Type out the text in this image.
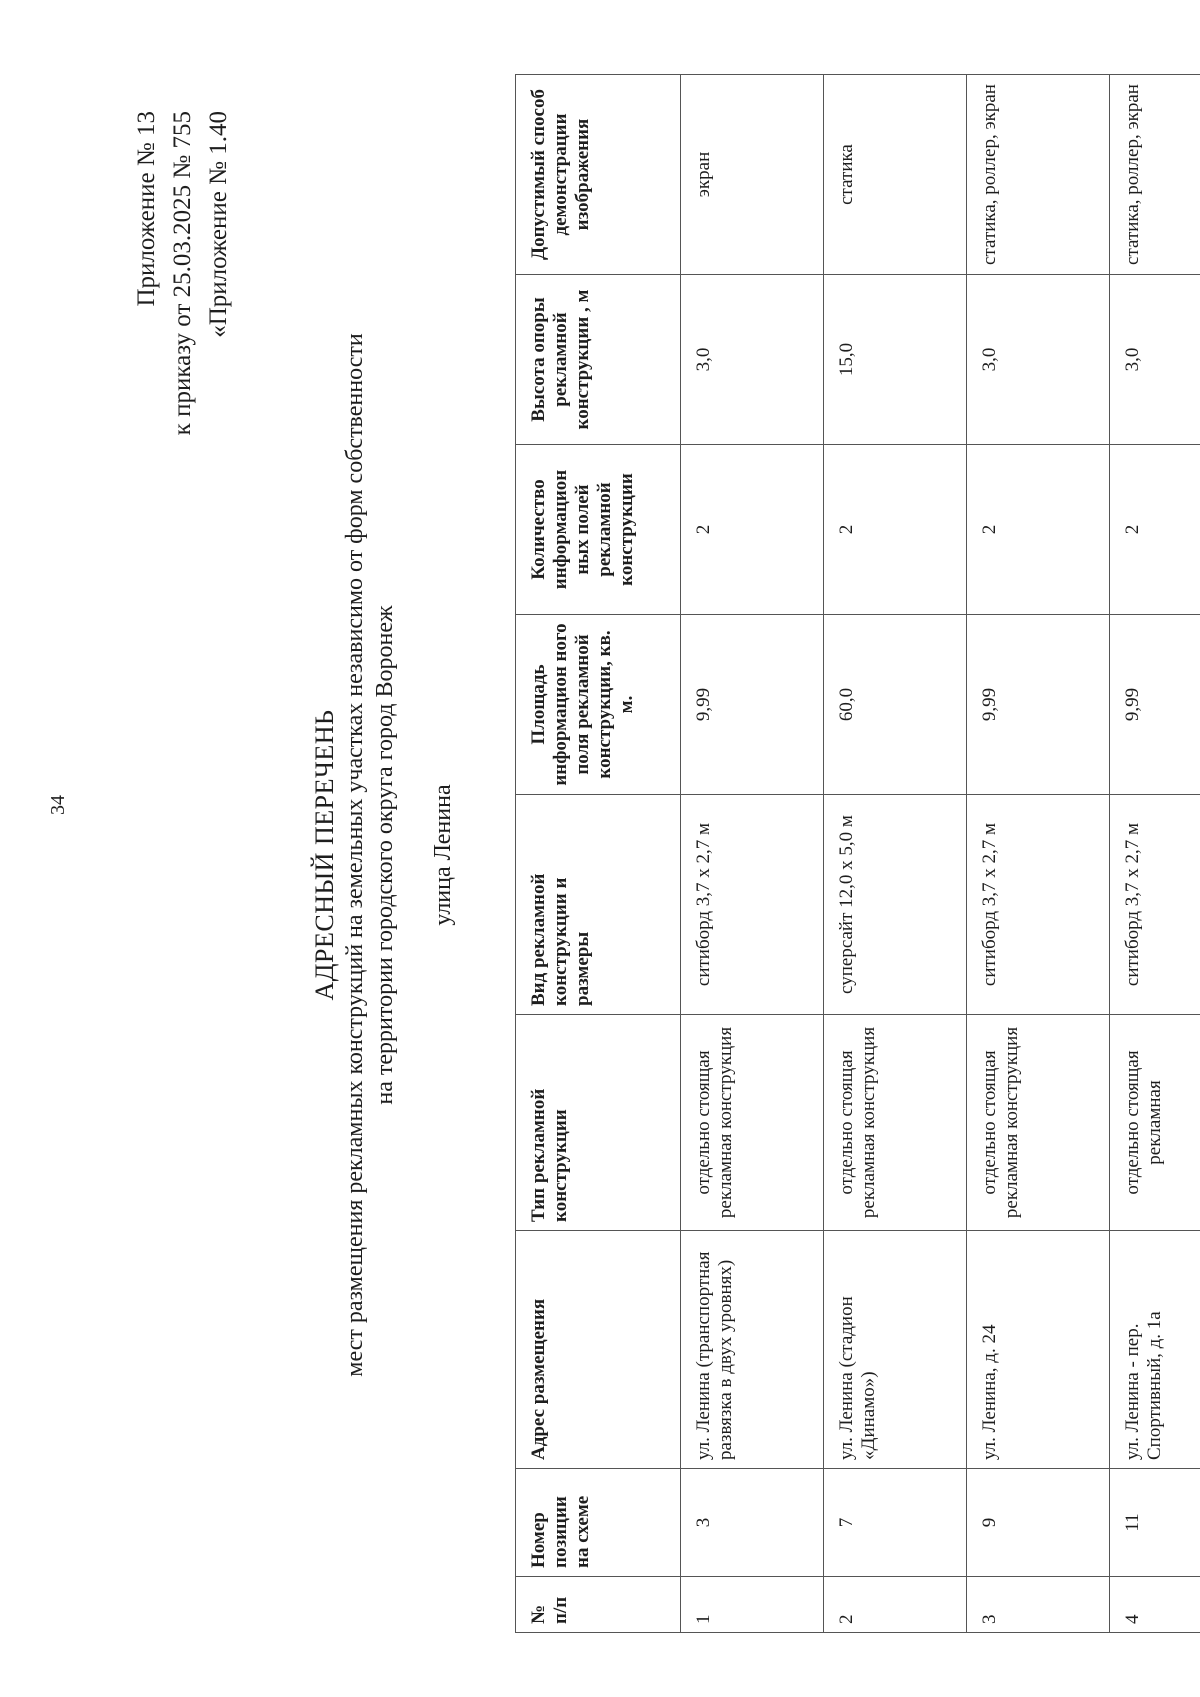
34
Приложение № 13 к приказу от 25.03.2025 № 755 «Приложение № 1.40
АДРЕСНЫЙ ПЕРЕЧЕНЬ мест размещения рекламных конструкций на земельных участках независимо от форм собственности на территории городского округа город Воронеж улица Ленина
№ п/п	Номер позиции на схеме	Адрес размещения	Тип рекламной конструкции	Вид рекламной конструкции и размеры	Площадь информацион ного поля рекламной конструкции, кв. м.	Количество информацион ных полей рекламной конструкции	Высота опоры рекламной конструкции , м	Допустимый способ демонстрации изображения
1	3	ул. Ленина (транспортная развязка в двух уровнях)	отдельно стоящая рекламная конструкция	ситиборд 3,7 х 2,7 м	9,99	2	3,0	экран
2	7	ул. Ленина (стадион «Динамо»)	отдельно стоящая рекламная конструкция	суперсайт 12,0 х 5,0 м	60,0	2	15,0	статика
3	9	ул. Ленина, д. 24	отдельно стоящая рекламная конструкция	ситиборд 3,7 х 2,7 м	9,99	2	3,0	статика, роллер, экран
4	11	ул. Ленина - пер. Спортивный, д. 1а	отдельно стоящая рекламная	ситиборд 3,7 х 2,7 м	9,99	2	3,0	статика, роллер, экран
